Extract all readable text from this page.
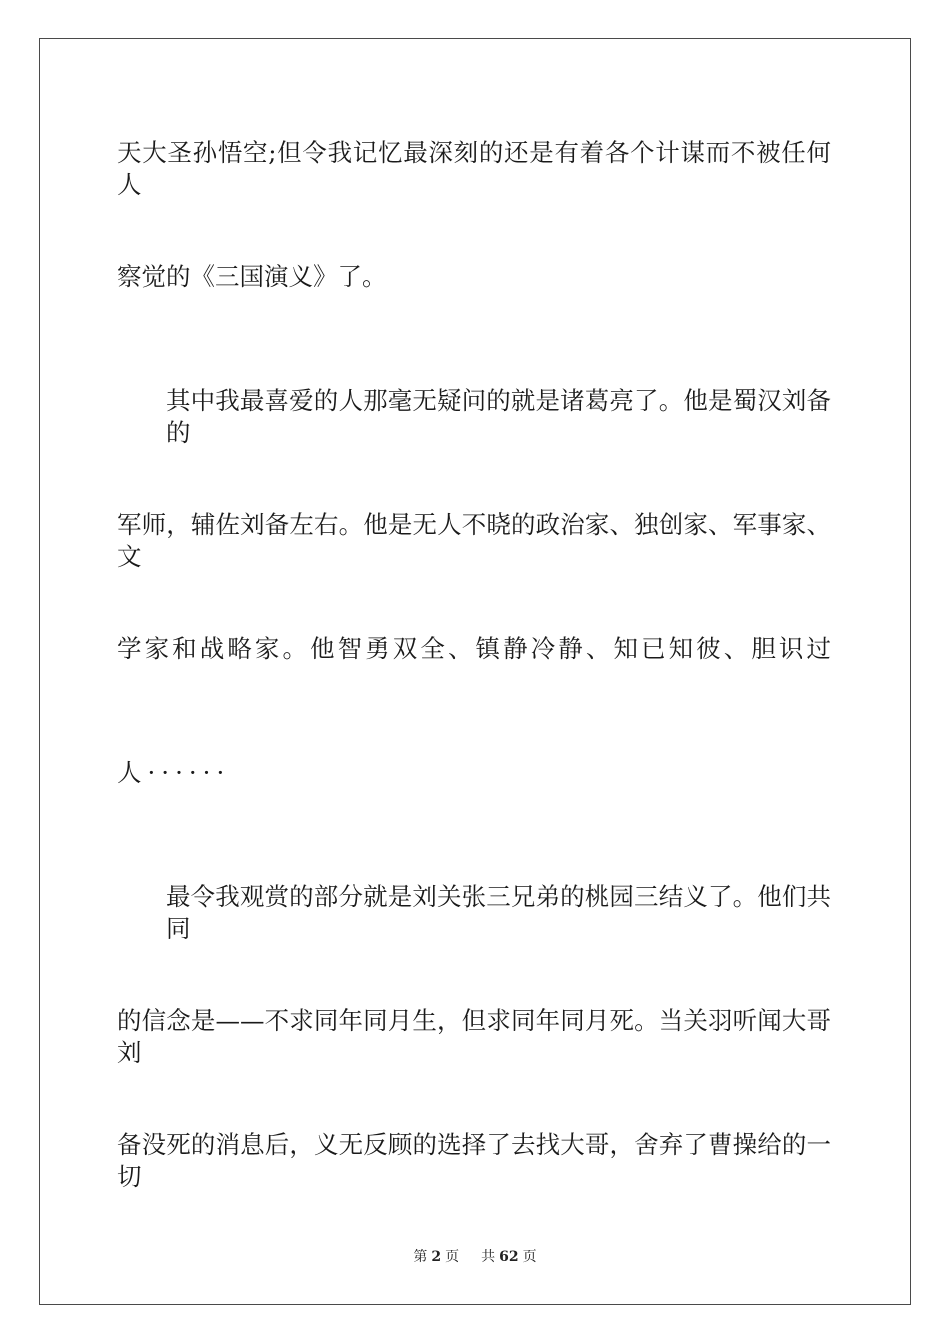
天大圣孙悟空;但令我记忆最深刻的还是有着各个计谋而不被任何人
察觉的《三国演义》了。
其中我最喜爱的人那毫无疑问的就是诸葛亮了。他是蜀汉刘备的
军师，辅佐刘备左右。他是无人不晓的政治家、独创家、军事家、文
学家和战略家。他智勇双全、镇静冷静、知已知彼、胆识过
人······
最令我观赏的部分就是刘关张三兄弟的桃园三结义了。他们共同
的信念是——不求同年同月生，但求同年同月死。当关羽听闻大哥刘
备没死的消息后，义无反顾的选择了去找大哥，舍弃了曹操给的一切
第 2 页 共 62 页
